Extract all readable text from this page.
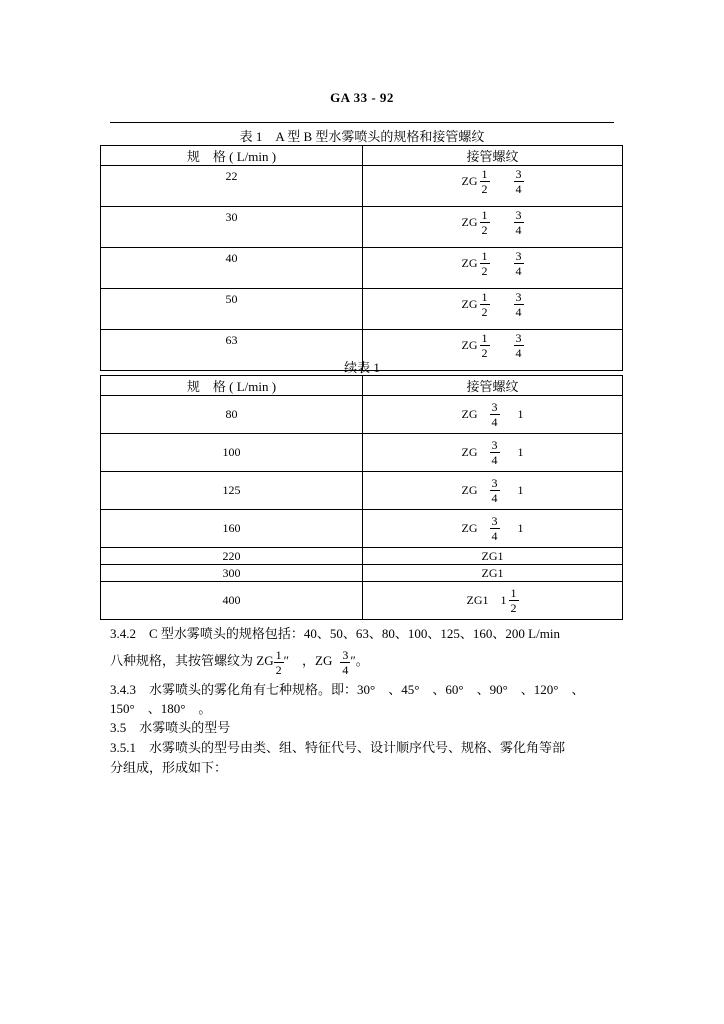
GA 33 - 92
表 1　A 型 B 型水雾喷头的规格和接管螺纹
规　格 ( L/min )	接管螺纹
22	ZG $\frac{1}{2} \frac{3}{4}$

30	ZG $\frac{1}{2} \frac{3}{4}$

40	ZG $\frac{1}{2} \frac{3}{4}$

50	ZG $\frac{1}{2} \frac{3}{4}$

63	ZG $\frac{1}{2} \frac{3}{4}$
续表 1
规　格 ( L/min )	接管螺纹
80	ZG $\frac{3}{4} 1$

100	ZG $\frac{3}{4} 1$

125	ZG $\frac{3}{4} 1$

160	ZG $\frac{3}{4} 1$

220	ZG1
300	ZG1
400	ZG1 $1 \frac{1}{2}$
3.4.2　C 型水雾喷头的规格包括：40、50、63、80、100、125、160、200 L/min
八种规格，其按管螺纹为 ZG $\frac{1}{2}$ ″　，ZG $\frac{3}{4}$ ″。
3.4.3　水雾喷头的雾化角有七种规格。即：30°　、45°　、60°　、90°　、120°　、
150°　、180°　。
3.5　水雾喷头的型号
3.5.1　水雾喷头的型号由类、组、特征代号、设计顺序代号、规格、雾化角等部
分组成，形成如下：
